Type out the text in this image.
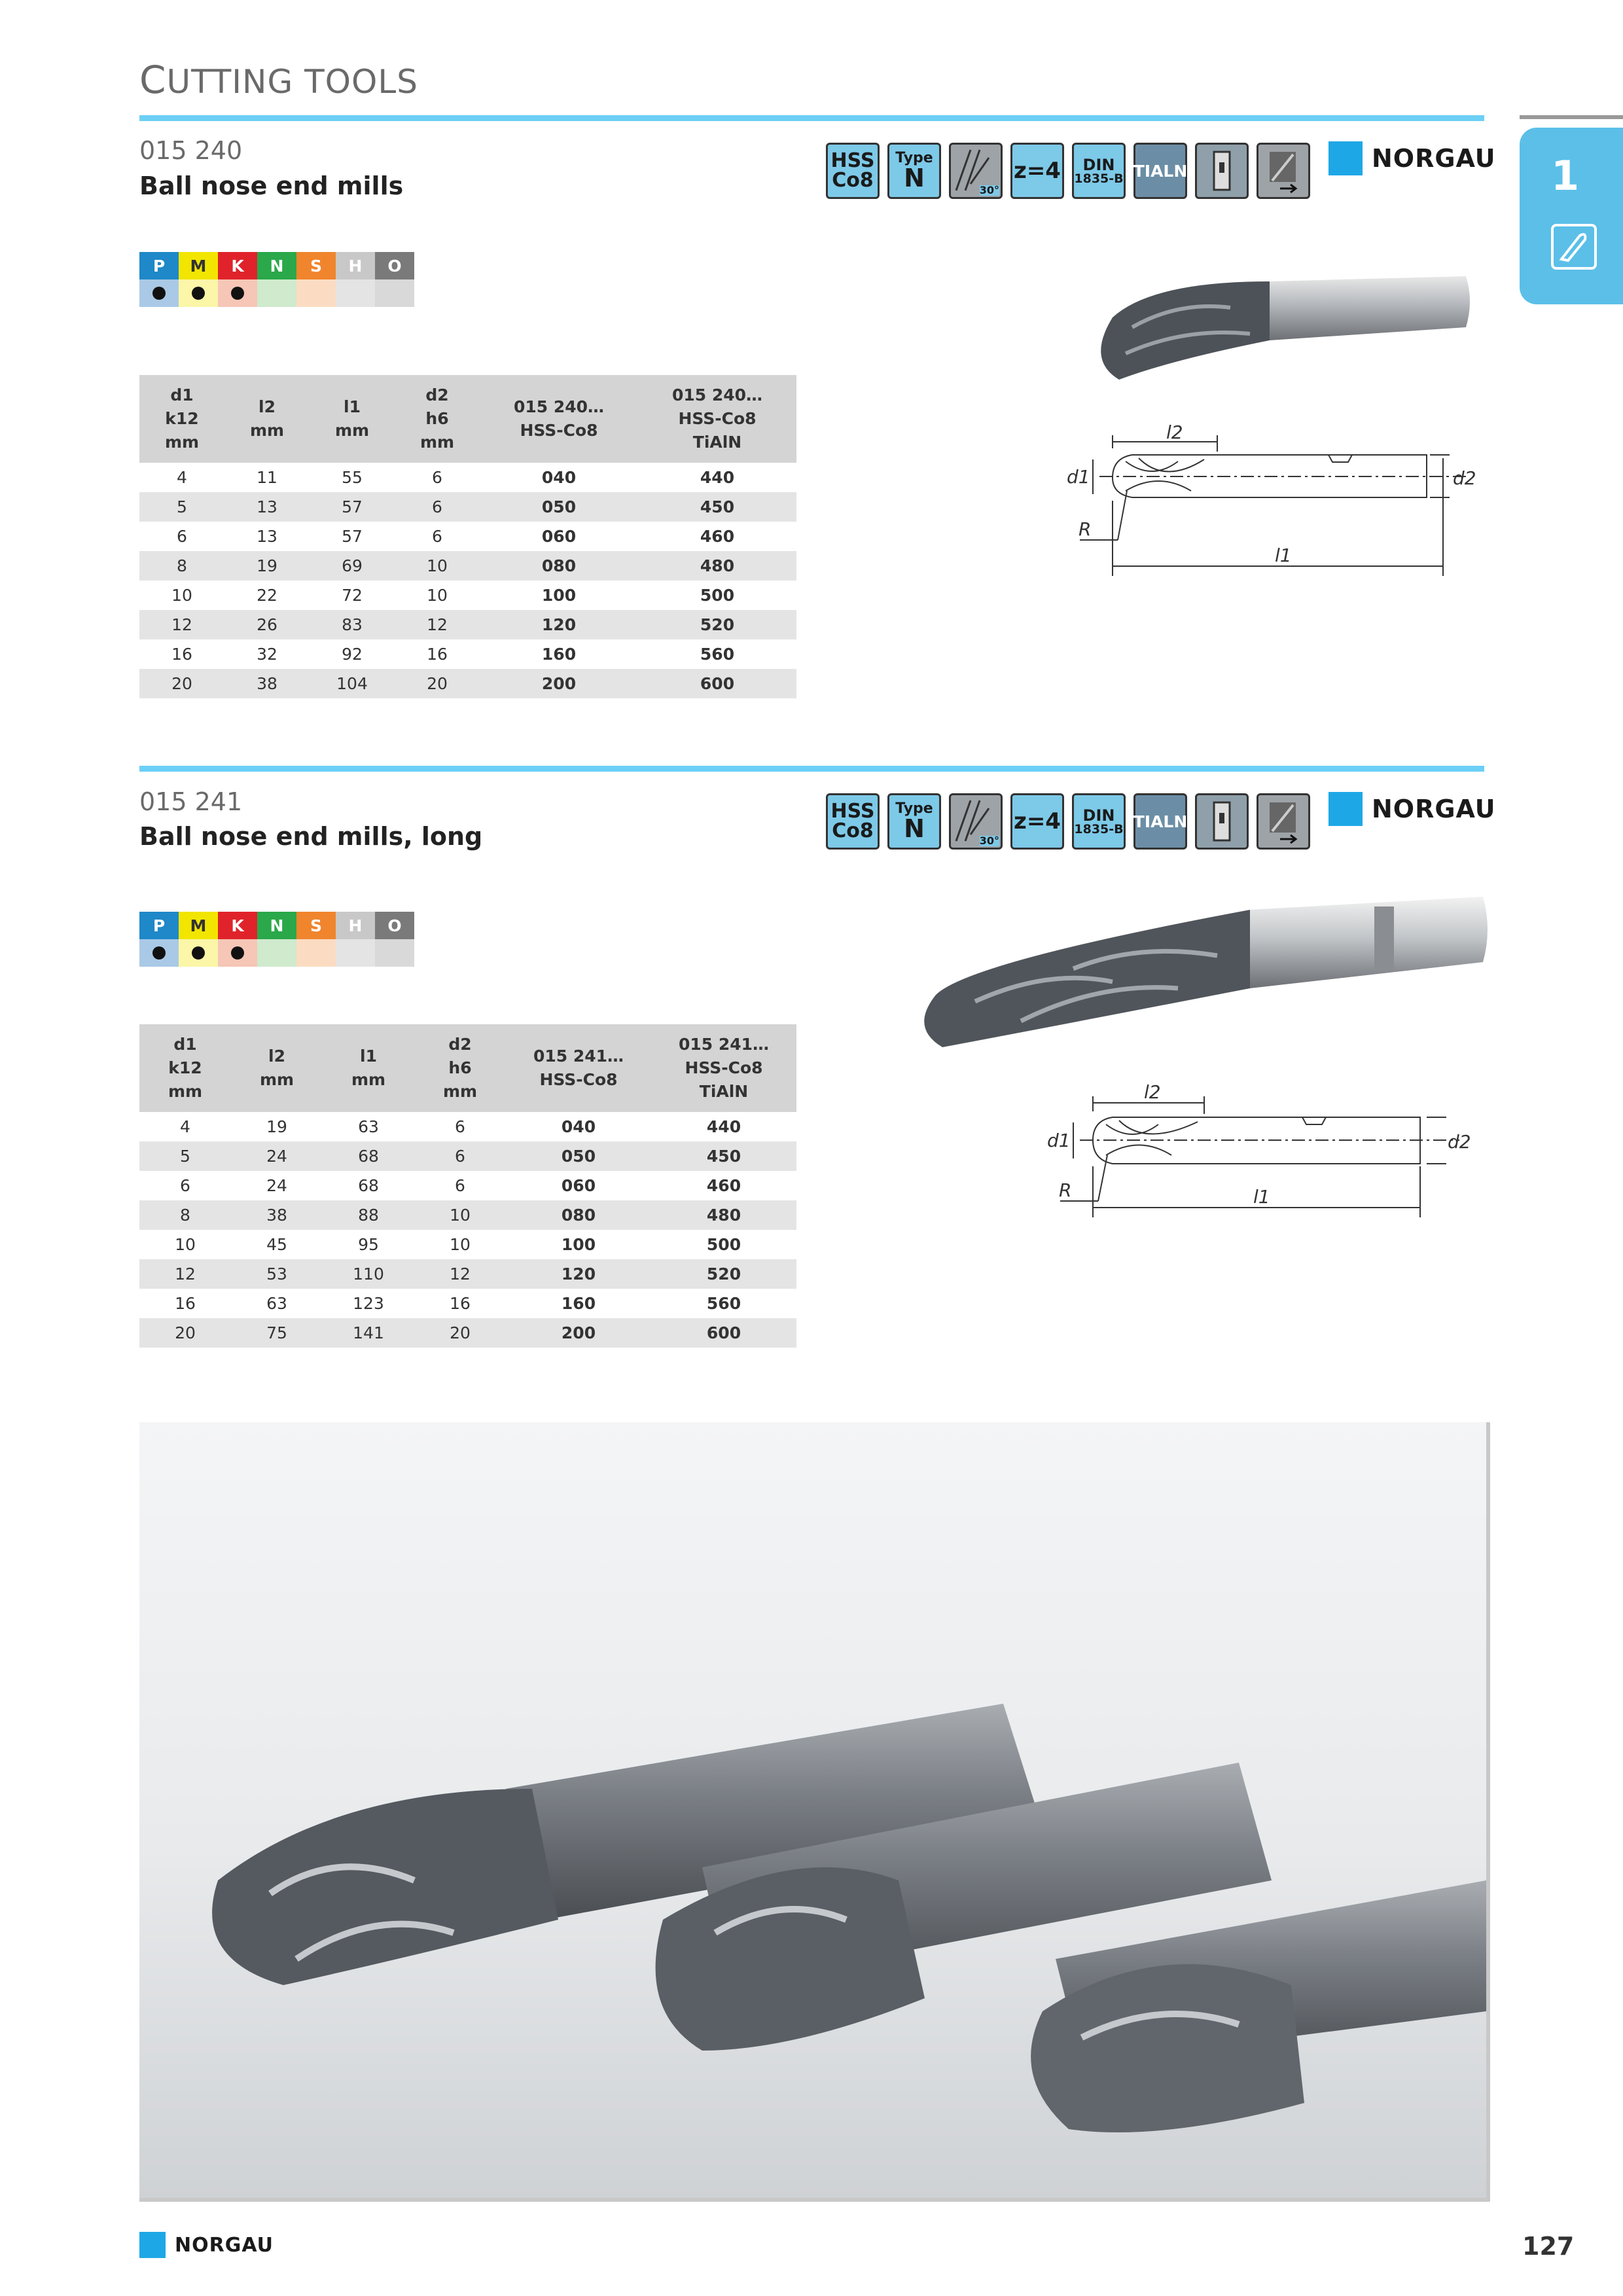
CUTTING TOOLS
1
015 240
Ball nose end mills
HSS
Co8
Type
N	30°
z=4 DIN
1835-B TIALN	NORGAU
P	M	K	N	S	H	O
d1
k12
mm	l2
mm	l1
mm	d2
h6
mm	015 240…
HSS-Co8	015 240…
HSS-Co8
TiAlN
4	11	55	6	040	440
5	13	57	6	050	450
6	13	57	6	060	460
8	19	69	10	080	480
10	22	72	10	100	500
12	26	83	12	120	520
16	32	92	16	160	560
20	38	104	20	200	600
l2
d1	d2
R
l1
015 241
Ball nose end mills, long
HSS
Co8
Type
N	30°
z=4 DIN
1835-B TIALN	NORGAU
P	M	K	N	S	H	O
d1
k12
mm	l2
mm	l1
mm	d2
h6
mm	015 241…
HSS-Co8	015 241…
HSS-Co8
TiAlN
4	19	63	6	040	440
5	24	68	6	050	450
6	24	68	6	060	460
8	38	88	10	080	480
10	45	95	10	100	500
12	53	110	12	120	520
16	63	123	16	160	560
20	75	141	20	200	600
l2
d1	d2
R	l1
NORGAU	127
